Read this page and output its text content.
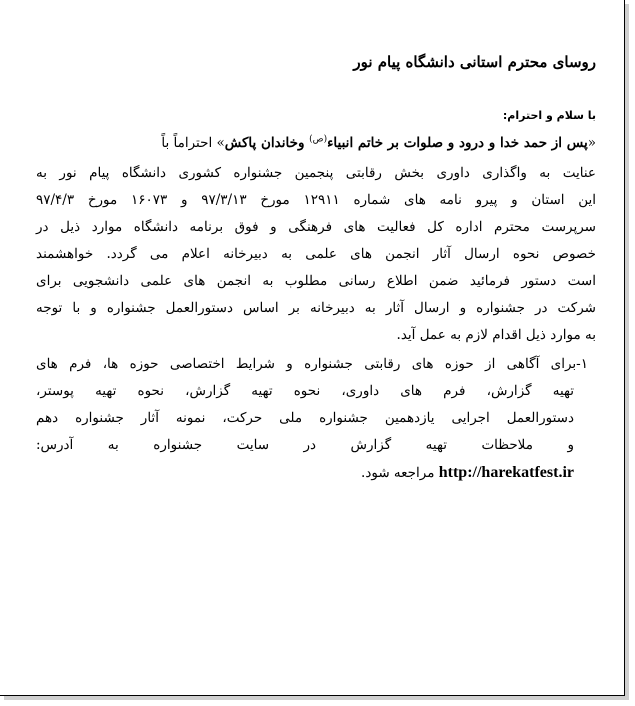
روسای محترم استانی دانشگاه پیام نور
با سلام و احترام:
«پس از حمد خدا و درود و صلوات بر خاتم انبیاء$^{(ص)}$ وخاندان پاکش» احتراماً باً
عنایت به واگذاری داوری بخش رقابتی پنجمین جشنواره کشوری دانشگاه پیام نور به
این استان و پیرو نامه های شماره ۱۲۹۱۱ مورخ ۹۷/۳/۱۳ و ۱۶۰۷۳ مورخ ۹۷/۴/۳
سرپرست محترم اداره کل فعالیت های فرهنگی و فوق برنامه دانشگاه موارد ذیل در
خصوص نحوه ارسال آثار انجمن های علمی به دبیرخانه اعلام می گردد. خواهشمند
است دستور فرمائید ضمن اطلاع رسانی مطلوب به انجمن های علمی دانشجویی برای
شرکت در جشنواره و ارسال آثار به دبیرخانه بر اساس دستورالعمل جشنواره و با توجه
به موارد ذیل اقدام لازم به عمل آید.
۱-برای آگاهی از حوزه های رقابتی جشنواره و شرایط اختصاصی حوزه ها، فرم های
تهیه گزارش، فرم های داوری، نحوه تهیه گزارش، نحوه تهیه پوستر،
دستورالعمل اجرایی یازدهمین جشنواره ملی حرکت، نمونه آثار جشنواره دهم
و ملاحظات تهیه گزارش در سایت جشنواره به آدرس:
http://harekatfest.ir مراجعه شود.
